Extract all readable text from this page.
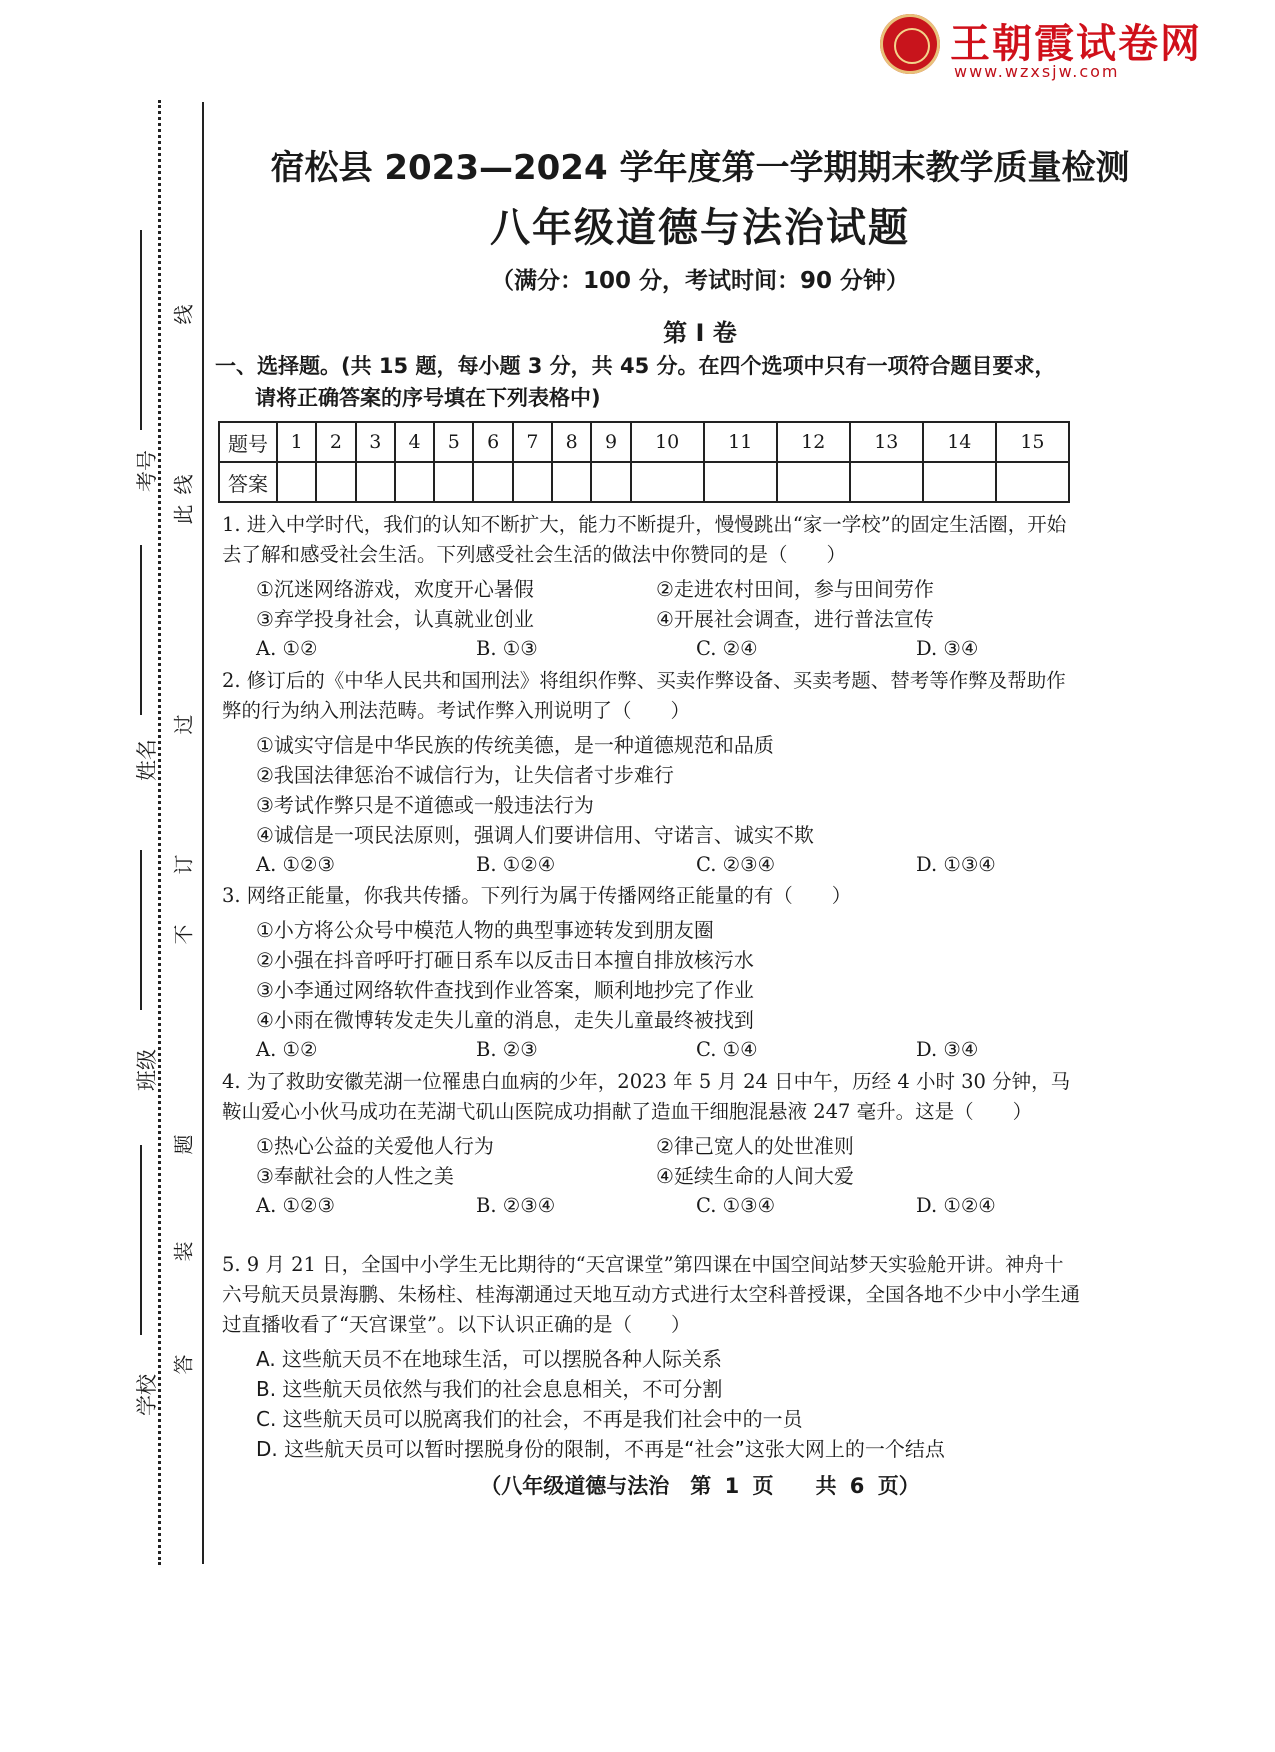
王朝霞试卷网
www.wzxsjw.com
考号
姓名
班级
学校
线
线
此
过
订
不
题
装
答
宿松县 2023—2024 学年度第一学期期末教学质量检测
八年级道德与法治试题
（满分：100 分，考试时间：90 分钟）
第 I 卷
一、选择题。(共 15 题，每小题 3 分，共 45 分。在四个选项中只有一项符合题目要求，
请将正确答案的序号填在下列表格中)
题号	1	2	3	4	5	6	7	8	9	10	11	12	13	14	15
答案															
1. 进入中学时代，我们的认知不断扩大，能力不断提升，慢慢跳出“家一学校”的固定生活圈，开始去了解和感受社会生活。下列感受社会生活的做法中你赞同的是（　　）
①沉迷网络游戏，欢度开心暑假	②走进农村田间，参与田间劳作
③弃学投身社会，认真就业创业	④开展社会调查，进行普法宣传
A. ①②	B. ①③	C. ②④	D. ③④
2. 修订后的《中华人民共和国刑法》将组织作弊、买卖作弊设备、买卖考题、替考等作弊及帮助作弊的行为纳入刑法范畴。考试作弊入刑说明了（　　）
①诚实守信是中华民族的传统美德，是一种道德规范和品质
②我国法律惩治不诚信行为，让失信者寸步难行
③考试作弊只是不道德或一般违法行为
④诚信是一项民法原则，强调人们要讲信用、守诺言、诚实不欺
A. ①②③	B. ①②④	C. ②③④	D. ①③④
3. 网络正能量，你我共传播。下列行为属于传播网络正能量的有（　　）
①小方将公众号中模范人物的典型事迹转发到朋友圈
②小强在抖音呼吁打砸日系车以反击日本擅自排放核污水
③小李通过网络软件查找到作业答案，顺利地抄完了作业
④小雨在微博转发走失儿童的消息，走失儿童最终被找到
A. ①②	B. ②③	C. ①④	D. ③④
4. 为了救助安徽芜湖一位罹患白血病的少年，2023 年 5 月 24 日中午，历经 4 小时 30 分钟，马鞍山爱心小伙马成功在芜湖弋矶山医院成功捐献了造血干细胞混悬液 247 毫升。这是（　　）
①热心公益的关爱他人行为	②律己宽人的处世准则
③奉献社会的人性之美	④延续生命的人间大爱
A. ①②③	B. ②③④	C. ①③④	D. ①②④
5. 9 月 21 日，全国中小学生无比期待的“天宫课堂”第四课在中国空间站梦天实验舱开讲。神舟十六号航天员景海鹏、朱杨柱、桂海潮通过天地互动方式进行太空科普授课，全国各地不少中小学生通过直播收看了“天宫课堂”。以下认识正确的是（　　）
A. 这些航天员不在地球生活，可以摆脱各种人际关系
B. 这些航天员依然与我们的社会息息相关，不可分割
C. 这些航天员可以脱离我们的社会，不再是我们社会中的一员
D. 这些航天员可以暂时摆脱身份的限制，不再是“社会”这张大网上的一个结点
（八年级道德与法治　第 1 页　　共 6 页）
